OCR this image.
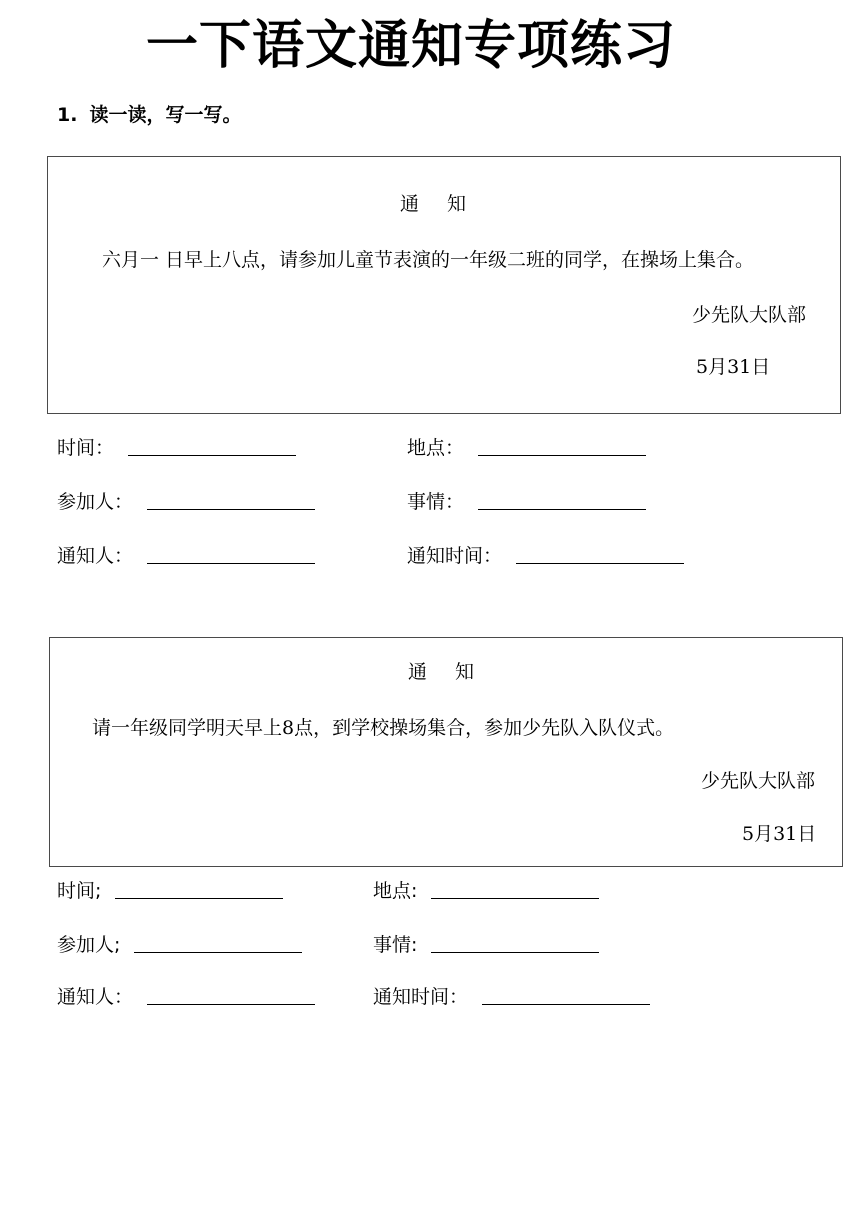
一下语文通知专项练习
1. 读一读，写一写。
通 知
六月一 日早上八点，请参加儿童节表演的一年级二班的同学，在操场上集合。
少先队大队部
5月31日
时间：	地点：
参加人：	事情：
通知人：	通知时间：
通 知
请一年级同学明天早上8点，到学校操场集合，参加少先队入队仪式。
少先队大队部
5月31日
时间;	地点:
参加人;	事情:
通知人：	通知时间：
